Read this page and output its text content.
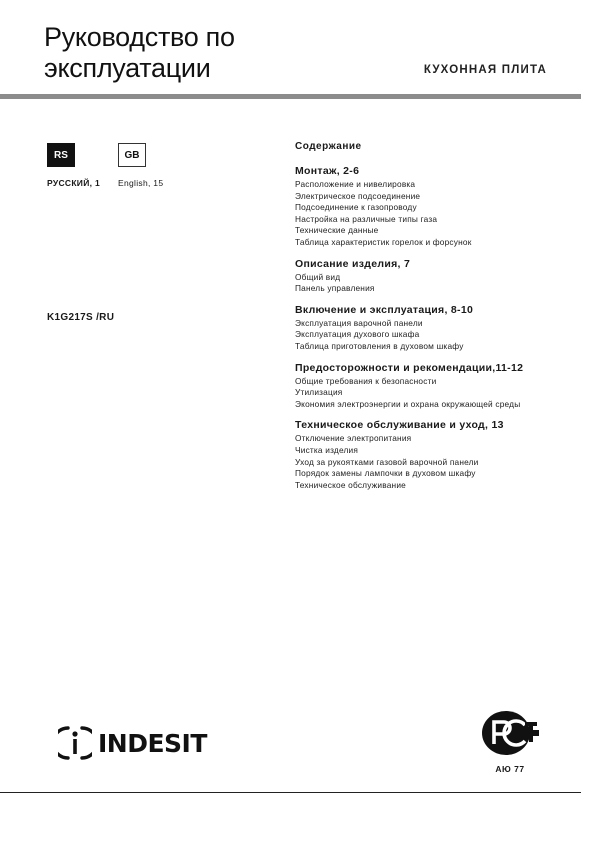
Руководство по
эксплуатации	КУХОННАЯ ПЛИТА
RS	GB
РУССКИЙ, 1 English, 15
K1G217S /RU
Содержание
Монтаж, 2-6
Расположение и нивелировка
Электрическое подсоединение
Подсоединение к газопроводу
Настройка на различные типы газа
Технические данные
Таблица характеристик горелок и форсунок
Описание изделия, 7
Общий вид
Панель управления
Включение и эксплуатация, 8-10
Эксплуатация варочной панели
Эксплуатация духового шкафа
Таблица приготовления в духовом шкафу
Предосторожности и рекомендации,11-12
Общие требования к безопасности
Утилизация
Экономия электроэнергии и охрана окружающей среды
Техническое обслуживание и уход, 13
Отключение электропитания
Чистка изделия
Уход за рукоятками газовой варочной панели
Порядок замены лампочки в духовом шкафу
Техническое обслуживание
INDESIT
АЮ 77
